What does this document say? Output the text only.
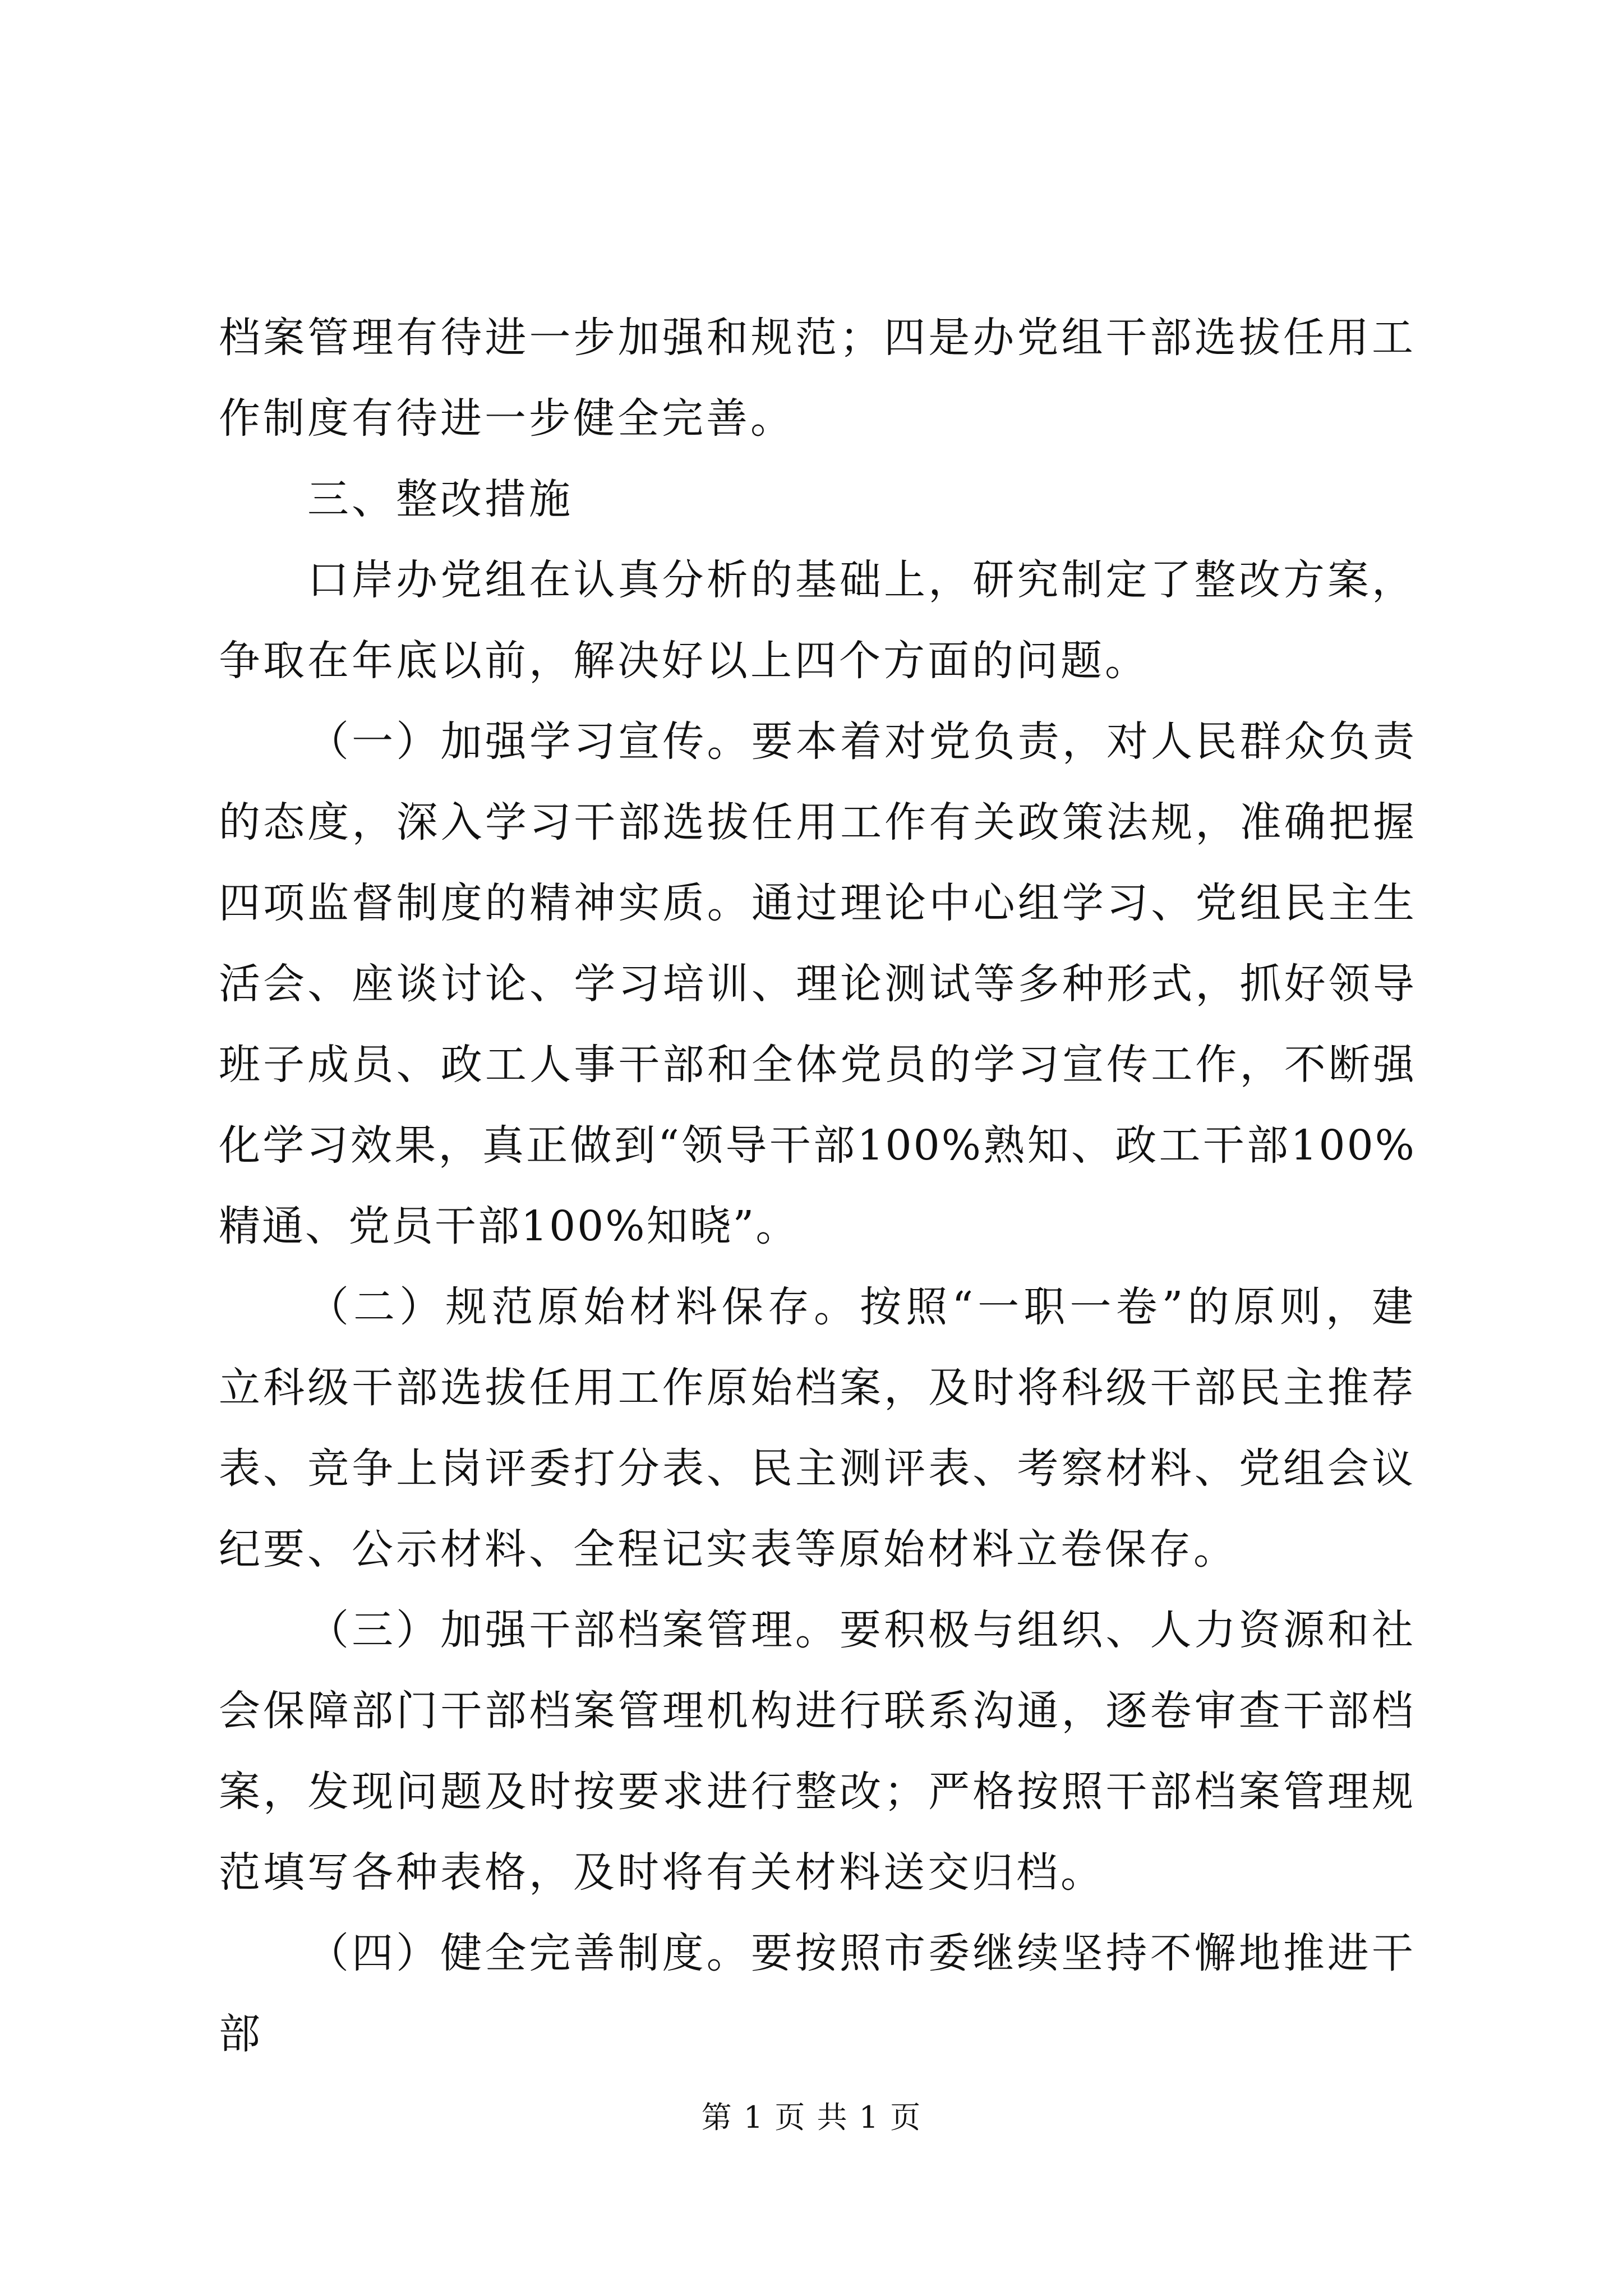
档案管理有待进一步加强和规范；四是办党组干部选拔任用工作制度有待进一步健全完善。

三、整改措施

口岸办党组在认真分析的基础上，研究制定了整改方案，争取在年底以前，解决好以上四个方面的问题。

（一）加强学习宣传。要本着对党负责，对人民群众负责的态度，深入学习干部选拔任用工作有关政策法规，准确把握四项监督制度的精神实质。通过理论中心组学习、党组民主生活会、座谈讨论、学习培训、理论测试等多种形式，抓好领导班子成员、政工人事干部和全体党员的学习宣传工作，不断强化学习效果，真正做到“领导干部100%熟知、政工干部100%精通、党员干部100%知晓”。

（二）规范原始材料保存。按照“一职一卷”的原则，建立科级干部选拔任用工作原始档案，及时将科级干部民主推荐表、竞争上岗评委打分表、民主测评表、考察材料、党组会议纪要、公示材料、全程记实表等原始材料立卷保存。

（三）加强干部档案管理。要积极与组织、人力资源和社会保障部门干部档案管理机构进行联系沟通，逐卷审查干部档案，发现问题及时按要求进行整改；严格按照干部档案管理规范填写各种表格，及时将有关材料送交归档。

（四）健全完善制度。要按照市委继续坚持不懈地推进干部

第 1 页 共 1 页
